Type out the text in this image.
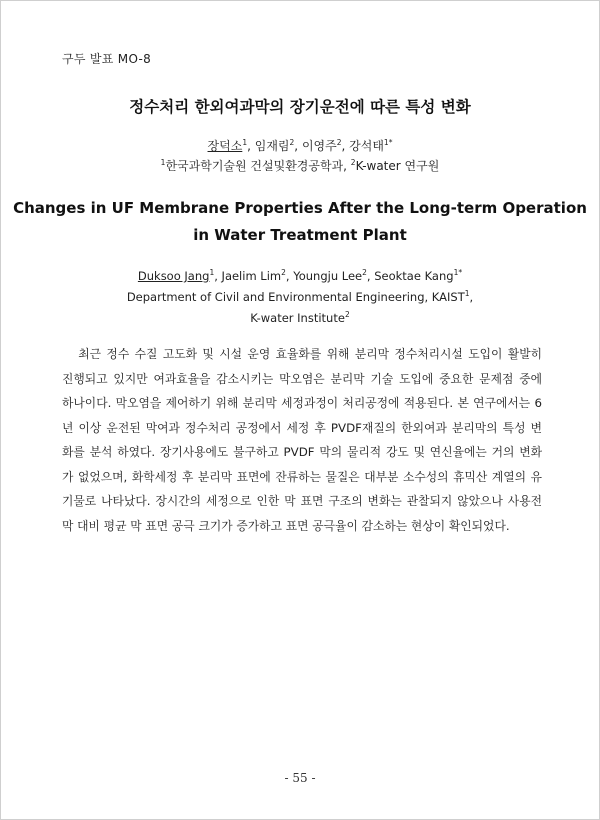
구두 발표 MO-8
정수처리 한외여과막의 장기운전에 따른 특성 변화
장덕소$^1$, 임재림$^2$, 이영주$^2$, 강석태$^{1*}$
$^1$한국과학기술원 건설및환경공학과, $^2$K-water 연구원
Changes in UF Membrane Properties After the Long-term Operation
in Water Treatment Plant
Duksoo Jang$^1$, Jaelim Lim$^2$, Youngju Lee$^2$, Seoktae Kang$^{1*}$
Department of Civil and Environmental Engineering, KAIST$^1$,
K-water Institute$^2$
최근 정수 수질 고도화 및 시설 운영 효율화를 위해 분리막 정수처리시설 도입이 활발히
진행되고 있지만 여과효율을 감소시키는 막오염은 분리막 기술 도입에 중요한 문제점 중에
하나이다. 막오염을 제어하기 위해 분리막 세정과정이 처리공정에 적용된다. 본 연구에서는 6
년 이상 운전된 막여과 정수처리 공정에서 세정 후 PVDF재질의 한외여과 분리막의 특성 변
화를 분석 하였다. 장기사용에도 불구하고 PVDF 막의 물리적 강도 및 연신율에는 거의 변화
가 없었으며, 화학세정 후 분리막 표면에 잔류하는 물질은 대부분 소수성의 휴믹산 계열의 유
기물로 나타났다. 장시간의 세정으로 인한 막 표면 구조의 변화는 관찰되지 않았으나 사용전
막 대비 평균 막 표면 공극 크기가 증가하고 표면 공극율이 감소하는 현상이 확인되었다.
- 55 -
